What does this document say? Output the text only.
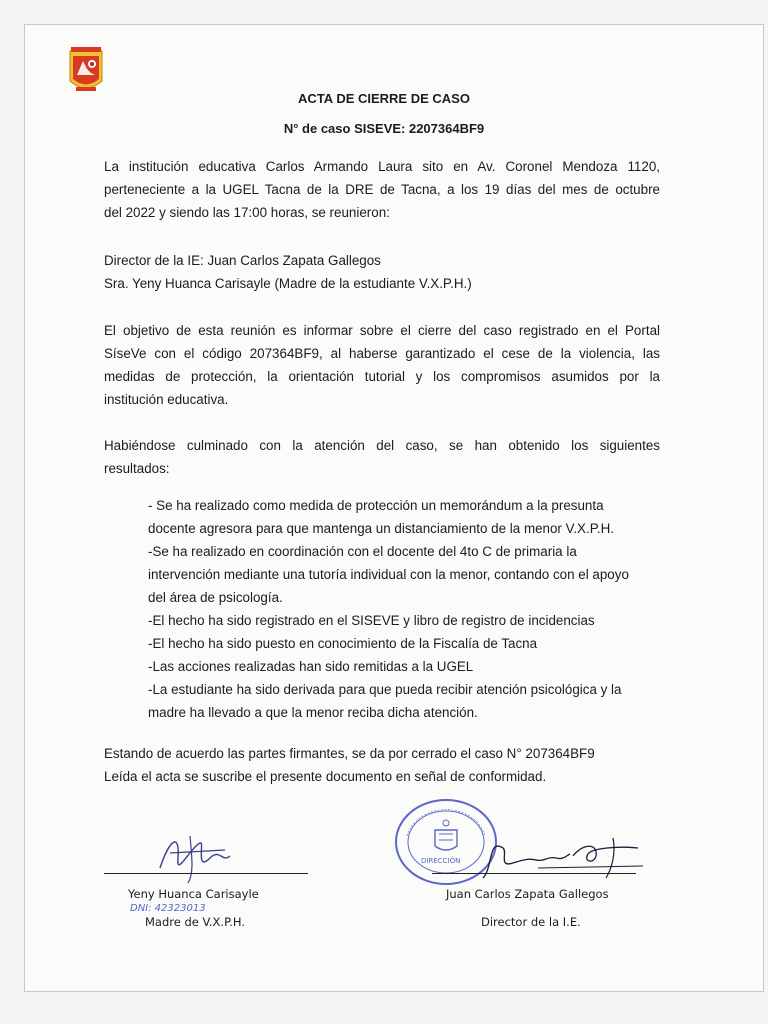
ACTA DE CIERRE DE CASO
N° de caso SISEVE: 2207364BF9
La institución educativa Carlos Armando Laura sito en Av. Coronel Mendoza 1120,
perteneciente a la UGEL Tacna de la DRE de Tacna, a los 19 días del mes de octubre
del 2022 y siendo las 17:00 horas, se reunieron:
Director de la IE: Juan Carlos Zapata Gallegos
Sra. Yeny Huanca Carisayle (Madre de la estudiante V.X.P.H.)
El objetivo de esta reunión es informar sobre el cierre del caso registrado en el Portal
SíseVe con el código 207364BF9, al haberse garantizado el cese de la violencia, las
medidas de protección, la orientación tutorial y los compromisos asumidos por la
institución educativa.
Habiéndose culminado con la atención del caso, se han obtenido los siguientes
resultados:
- Se ha realizado como medida de protección un memorándum a la presunta
docente agresora para que mantenga un distanciamiento de la menor V.X.P.H.
-Se ha realizado en coordinación con el docente del 4to C de primaria la
intervención mediante una tutoría individual con la menor, contando con el apoyo
del área de psicología.
-El hecho ha sido registrado en el SISEVE y libro de registro de incidencias
-El hecho ha sido puesto en conocimiento de la Fiscalía de Tacna
-Las acciones realizadas han sido remitidas a la UGEL
-La estudiante ha sido derivada para que pueda recibir atención psicológica y la
madre ha llevado a que la menor reciba dicha atención.
Estando de acuerdo las partes firmantes, se da por cerrado el caso N° 207364BF9
Leída el acta se suscribe el presente documento en señal de conformidad.
Yeny Huanca Carisayle
DNI: 42323013
Madre de V.X.P.H.
DIRECCIÓN
Juan Carlos Zapata Gallegos
Director de la I.E.
